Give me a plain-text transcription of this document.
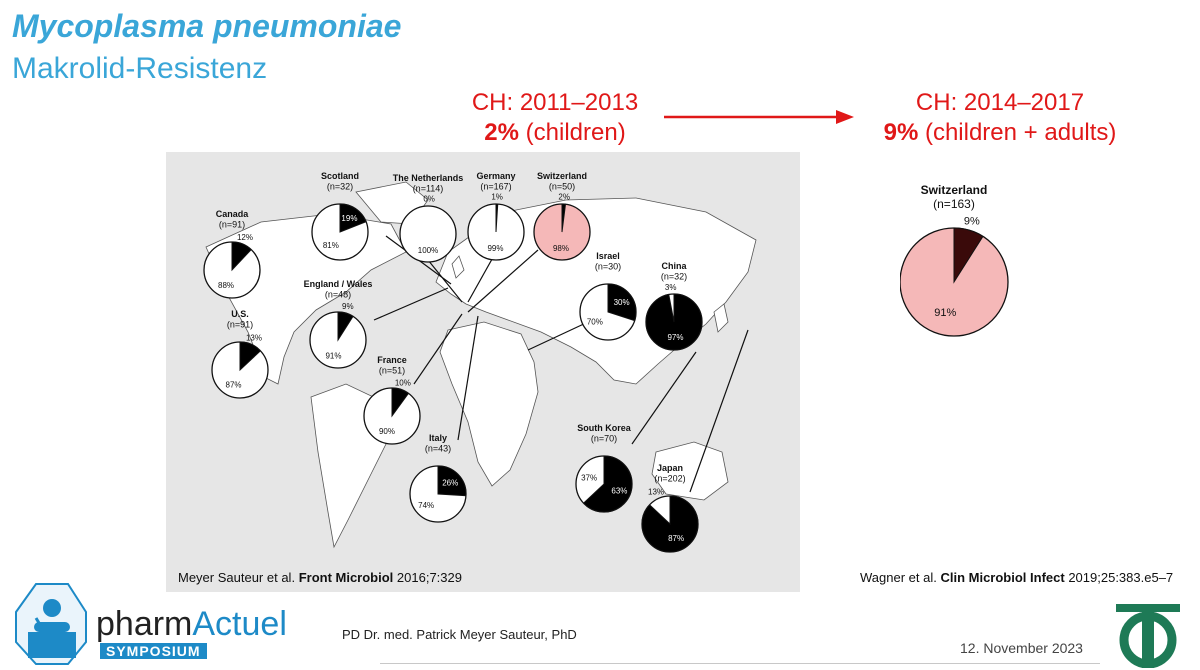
Mycoplasma pneumoniae
Makrolid-Resistenz
CH: 2011–2013
2% (children)
CH: 2014–2017
9% (children + adults)
Canada
(n=91)
12%
88%
U.S.
(n=91)
13%
87%
Scotland
(n=32)
19%
81%
The Netherlands
(n=114)
0%
100%
Germany
(n=167)
1%
99%
Switzerland
(n=50)
2%
98%
England / Wales
(n=48)
9%
91%	France
(n=51)
10%
90%
Italy
(n=43)
26%
74%
Israel
(n=30)
30%
70%
China
(n=32)
97%
3%
South Korea
(n=70)
63%
37%
Japan
(n=202)
87%
13%
Meyer Sauteur et al. Front Microbiol 2016;7:329
Switzerland
(n=163)
9%
91%
Wagner et al. Clin Microbiol Infect 2019;25:383.e5–7
pharmActuel
SYMPOSIUM
PD Dr. med. Patrick Meyer Sauteur, PhD
12. November 2023
